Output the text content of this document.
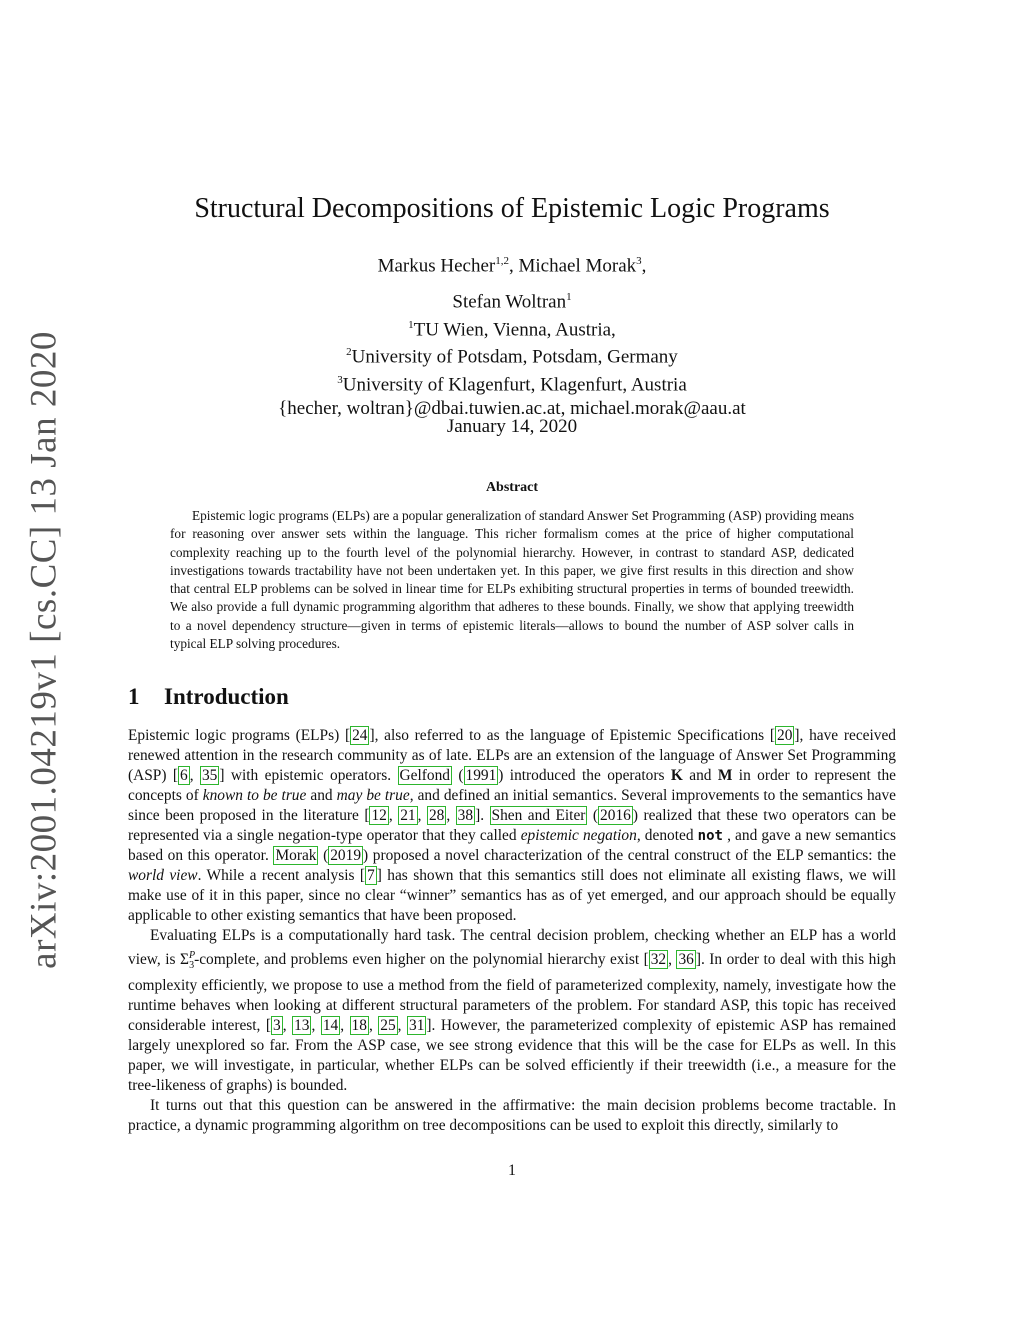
arXiv:2001.04219v1 [cs.CC] 13 Jan 2020
Structural Decompositions of Epistemic Logic Programs
Markus Hecher$^{1,2}$, Michael Morak$^3$,
Stefan Woltran$^1$
$^1$TU Wien, Vienna, Austria,
$^2$University of Potsdam, Potsdam, Germany
$^3$University of Klagenfurt, Klagenfurt, Austria
{hecher, woltran}@dbai.tuwien.ac.at, michael.morak@aau.at
January 14, 2020
Abstract
Epistemic logic programs (ELPs) are a popular generalization of standard Answer Set Programming (ASP) providing means for reasoning over answer sets within the language. This richer formalism comes at the price of higher computational complexity reaching up to the fourth level of the polynomial hierarchy. However, in contrast to standard ASP, dedicated investigations towards tractability have not been undertaken yet. In this paper, we give first results in this direction and show that central ELP problems can be solved in linear time for ELPs exhibiting structural properties in terms of bounded treewidth. We also provide a full dynamic programming algorithm that adheres to these bounds. Finally, we show that applying treewidth to a novel dependency structure—given in terms of epistemic literals—allows to bound the number of ASP solver calls in typical ELP solving procedures.
1 Introduction

Epistemic logic programs (ELPs) [ 24 ], also referred to as the language of Epistemic Specifications [ 20 ], have received renewed attention in the research community as of late. ELPs are an extension of the language of Answer Set Programming (ASP) [ 6 , 35 ] with epistemic operators. Gelfond ( 1991 ) introduced the operators K and M in order to represent the concepts of known to be true and may be true, and defined an initial semantics. Several improvements to the semantics have since been proposed in the literature [ 12 , 21 , 28 , 38 ]. Shen and Eiter ( 2016 ) realized that these two operators can be represented via a single negation-type operator that they called epistemic negation, denoted not , and gave a new semantics based on this operator. Morak ( 2019 ) proposed a novel characterization of the central construct of the ELP semantics: the world view. While a recent analysis [ 7 ] has shown that this semantics still does not eliminate all existing flaws, we will make use of it in this paper, since no clear “winner” semantics has as of yet emerged, and our approach should be equally applicable to other existing semantics that have been proposed.

Evaluating ELPs is a computationally hard task. The central decision problem, checking whether an ELP has a world view, is $\Sigma^P_3$-complete, and problems even higher on the polynomial hierarchy exist [ 32 , 36 ]. In order to deal with this high complexity efficiently, we propose to use a method from the field of parameterized complexity, namely, investigate how the runtime behaves when looking at different structural parameters of the problem. For standard ASP, this topic has received considerable interest, [ 3 , 13 , 14 , 18 , 25 , 31 ]. However, the parameterized complexity of epistemic ASP has remained largely unexplored so far. From the ASP case, we see strong evidence that this will be the case for ELPs as well. In this paper, we will investigate, in particular, whether ELPs can be solved efficiently if their treewidth (i.e., a measure for the tree-likeness of graphs) is bounded.

It turns out that this question can be answered in the affirmative: the main decision problems become tractable. In practice, a dynamic programming algorithm on tree decompositions can be used to exploit this directly, similarly to

1
